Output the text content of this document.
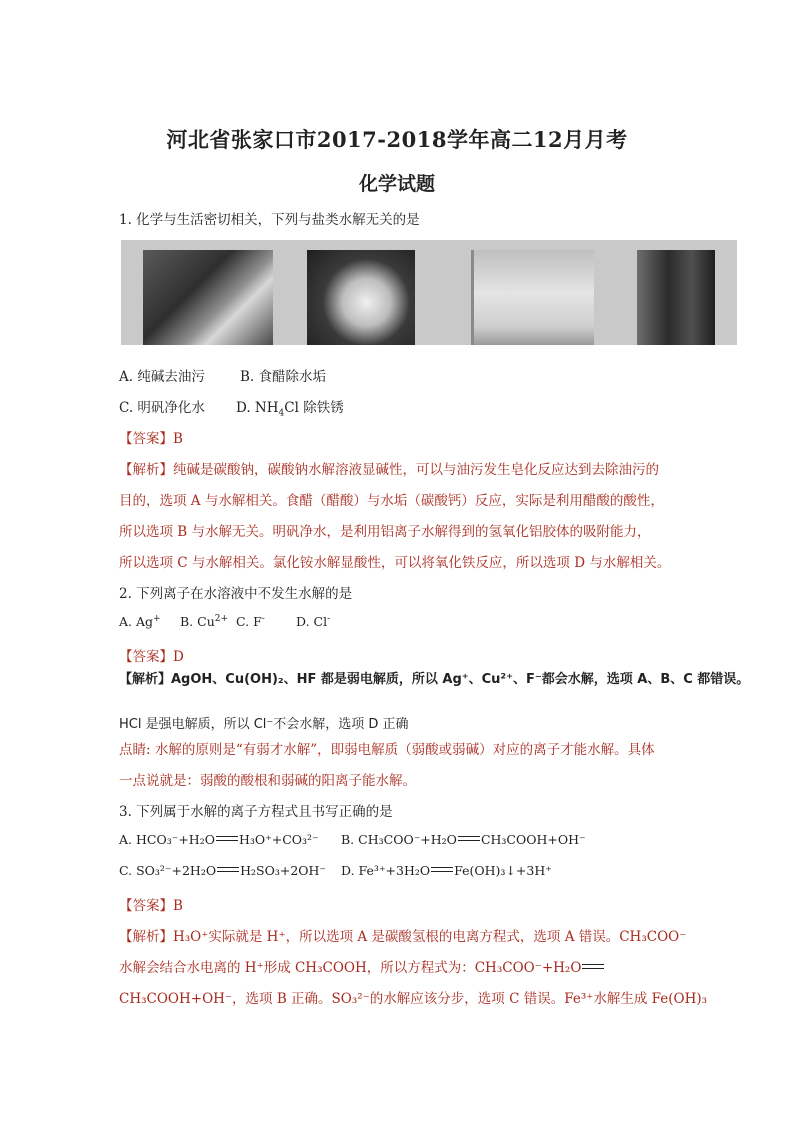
河北省张家口市2017-2018学年高二12月月考
化学试题
1. 化学与生活密切相关，下列与盐类水解无关的是
A. 纯碱去油污	B. 食醋除水垢
C. 明矾净化水 D. $NH_4Cl$ 除铁锈
【答案】B
【解析】纯碱是碳酸钠，碳酸钠水解溶液显碱性，可以与油污发生皂化反应达到去除油污的
目的，选项 A 与水解相关。食醋（醋酸）与水垢（碳酸钙）反应，实际是利用醋酸的酸性，
所以选项 B 与水解无关。明矾净水，是利用铝离子水解得到的氢氧化铝胶体的吸附能力，
所以选项 C 与水解相关。氯化铵水解显酸性，可以将氧化铁反应，所以选项 D 与水解相关。
2. 下列离子在水溶液中不发生水解的是
A. Ag+ B. $Cu^{2+}$ C. F- D. Cl-
【答案】D
【解析】AgOH、Cu(OH)₂、HF 都是弱电解质，所以 Ag⁺、Cu²⁺、F⁻都会水解，选项 A、B、C 都错误。
HCl 是强电解质，所以 Cl⁻不会水解，选项 D 正确
点睛: 水解的原则是“有弱才水解”，即弱电解质（弱酸或弱碱）对应的离子才能水解。具体
一点说就是：弱酸的酸根和弱碱的阳离子能水解。
3. 下列属于水解的离子方程式且书写正确的是
A. HCO₃⁻+H₂O H₃O⁺+CO₃²⁻ B. CH₃COO⁻+H₂O CH₃COOH+OH⁻
C. SO₃²⁻+2H₂O H₂SO₃+2OH⁻ D. Fe³⁺+3H₂O Fe(OH)₃↓+3H⁺
【答案】B
【解析】H₃O⁺实际就是 H⁺，所以选项 A 是碳酸氢根的电离方程式，选项 A 错误。CH₃COO⁻
水解会结合水电离的 H⁺形成 CH₃COOH，所以方程式为：CH₃COO⁻+H₂O
CH₃COOH+OH⁻，选项 B 正确。SO₃²⁻的水解应该分步，选项 C 错误。Fe³⁺水解生成 Fe(OH)₃
